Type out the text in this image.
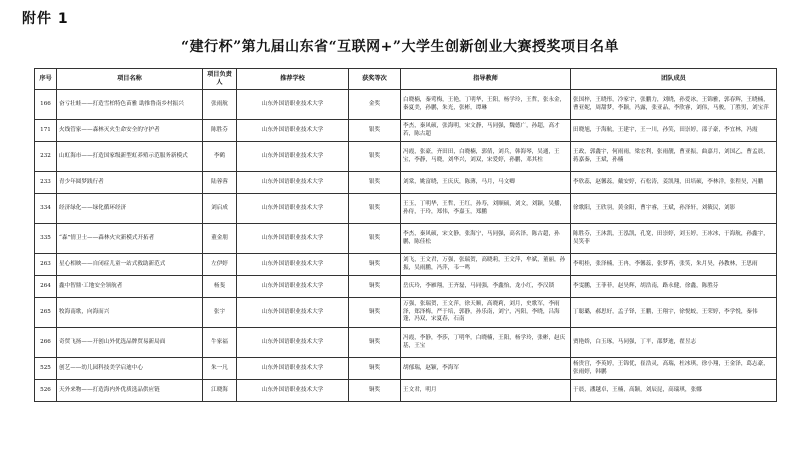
附件 1
“建行杯”第九届山东省“互联网+”大学生创新创业大赛授奖项目名单
序号	项目名称	项目负责人	推荐学校	获奖等次	指导教师	团队成员
166	奋亏壮蛙——打造雪柏特色苗雅 助推鲁南乡村振兴	张雨航	山东外国语职业技术大学	金奖	白晓楠，秦莺梅，王艳，丁明华，王阳，杨学玲，王哲，张永金，秦夏美，孙鹏，朱光，张彬，谭琳	张国梓，王晓彤，冷家宇，张鹏力，刘晓，孙爱冰，王锦雅，郭春辉，王晓楠，曹亚妮，周甜梦，李颖，冯露，张亚品，李欣睿，刘伟，马骏，丁胜男，刘宝萍
171	火线管家——森林灭火生命安全的守护者	陈胜芬	山东外国语职业技术大学	银奖	李杰，秦风硕，张海明，宋文静，马同强，魏德广，孙超，高才若，陈古超	田晓旭，于海航，王建宇，王一川，孙笑，田崇婷，邵子豪，李宜林，冯霞
232	山虹海市——打造国家级新型虹养殖示范服务新模式	李鹤	山东外国语职业技术大学	银奖	冯霞，张豪，齐田田，白晓楠，郭倩，刘兵，韩海琴，吴通，王宝，李静，马晓，刘华兴，刘双，宋爱婷，孙鹏，邓其柱	王政，郭鑫宇，何雨雨，梁宏利，张雨靓，曹亚振，曲嘉月，刘国乙，曹孟晨，蒋嘉秦，王斌，孙楠
233	青少年圆梦践行者	陆蓉蓉	山东外国语职业技术大学	银奖	刘棠，姚富晓，王庆庆，陈薄，马月，马文卿	李欣蕊，赵馨蕊，戴安婷，石松涛，姜凯翔，田培硕，李林洋，张程昊，冯鹏
334	经济绿化——绿化循环经济	刘启成	山东外国语职业技术大学	银奖	王玉，丁明华，王哲，王红，孙寿，刘顺硕，刘文，刘颖，吴播，孙侍，于玲，郑伟，李嘉玉，郑鹏	徐歌阳，王欣羽，黄金阳，曹宇睿，王斌，孙泽轩，刘筱民，刘影
335	“森”情卫士——森林火灾新模式开拓者	董金朋	山东外国语职业技术大学	银奖	李杰，秦风硕，宋文静，张海宁，马同强，高名泽，陈古超，孙鹏，陈佳松	陈胜芬，王沐凯，王泓凯，孔宽，田崇婷，刘玉婷，王冰冰，于海航，孙鑫宇，吴笑菲
263	星心相映——自闭症儿童一站式救助新范式	左伊婷	山东外国语职业技术大学	铜奖	刘飞，王文君，万强，张瑞贺，高晓莉，王文萍，牟斌，董丽，孙振，吴雨鹏，冯萍，韦一鸣	李明桂，张泽楠，王冉，李馨蕊，张梦苒，张笑，朱月昊，孙教林，王思雨
264	鑫中智鼎·工地安全领航者	杨斐	山东外国语职业技术大学	铜奖	岳庆玲，李雁翔，王齐磊，马同强，李鑫怡，龙小红，李汉锁	李雯鹏，王菲菲，赵昊辉，胡浩南，路永健，徐鑫，陈胜芬
265	牧海南歌，向海而兴	张宇	山东外国语职业技术大学	铜奖	万强，张瑞贺，王文萍，徐天顺，高晓莉，刘月，史歌军，李雨泽，郑泽梅，严于培，郭静，孙乐南，刘宁，冯阳，李晓，吕海蓬，冯双，宋夏春，石南	丁聪璐，郝思好，孟子铎，王鹏，王翔宇，徐悦蛟，王荣婷，李学悦，秦伟
266	奇贸飞扬——开创山外优选品牌贸易新局面	牛家福	山东外国语职业技术大学	铜奖	冯霞，李静，李莎，丁明华，白晓楠，王阳，杨学玲，张彬，赵庆基，王宝	贾艳娇，白玉琢，马同强，丁平，邵梦迪，翟昱志
525	创艺——幼儿园科技美学启迪中心	朱一凡	山东外国语职业技术大学	铜奖	胡郁瑞，赵颖，李海军	杨贵宫，李英婷，王锦优，崔浩灵，高瑞，杜冰琪，徐小翔，王金泽，葛志豪，张雨婷，韩鹏
526	天外来物——打造海内外优质选品供应链	江晓海	山东外国语职业技术大学	铜奖	王文君，明月	于晨，潘越卓，王楠，高颖，刘辰昆，高瑞琪，张娜
